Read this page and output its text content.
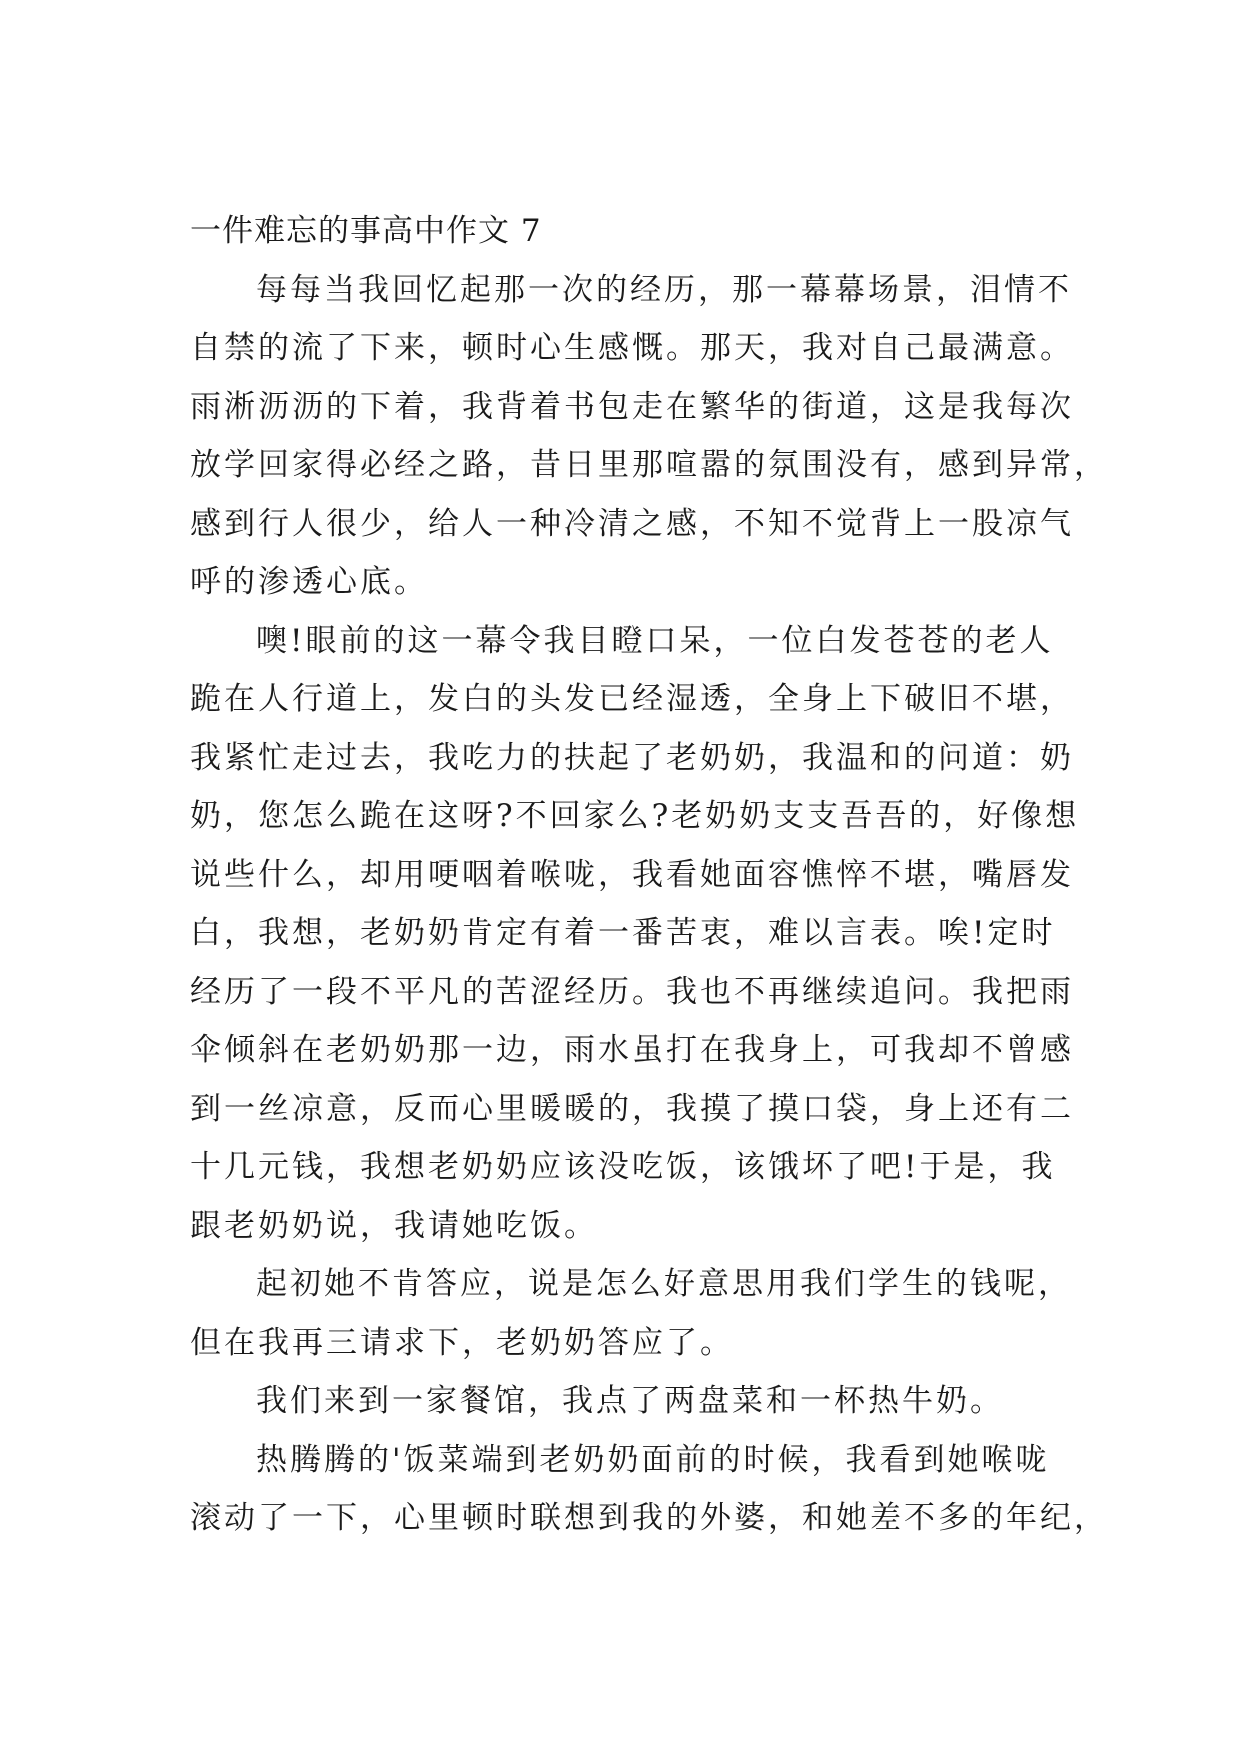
一件难忘的事高中作文 7
每每当我回忆起那一次的经历，那一幕幕场景，泪情不
自禁的流了下来，顿时心生感慨。那天，我对自己最满意。
雨淅沥沥的下着，我背着书包走在繁华的街道，这是我每次
放学回家得必经之路，昔日里那喧嚣的氛围没有，感到异常，
感到行人很少，给人一种冷清之感，不知不觉背上一股凉气
呼的渗透心底。
噢!眼前的这一幕令我目瞪口呆，一位白发苍苍的老人
跪在人行道上，发白的头发已经湿透，全身上下破旧不堪，
我紧忙走过去，我吃力的扶起了老奶奶，我温和的问道：奶
奶，您怎么跪在这呀?不回家么?老奶奶支支吾吾的，好像想
说些什么，却用哽咽着喉咙，我看她面容憔悴不堪，嘴唇发
白，我想，老奶奶肯定有着一番苦衷，难以言表。唉!定时
经历了一段不平凡的苦涩经历。我也不再继续追问。我把雨
伞倾斜在老奶奶那一边，雨水虽打在我身上，可我却不曾感
到一丝凉意，反而心里暖暖的，我摸了摸口袋，身上还有二
十几元钱，我想老奶奶应该没吃饭，该饿坏了吧!于是，我
跟老奶奶说，我请她吃饭。
起初她不肯答应，说是怎么好意思用我们学生的钱呢，
但在我再三请求下，老奶奶答应了。
我们来到一家餐馆，我点了两盘菜和一杯热牛奶。
热腾腾的'饭菜端到老奶奶面前的时候，我看到她喉咙
滚动了一下，心里顿时联想到我的外婆，和她差不多的年纪，
